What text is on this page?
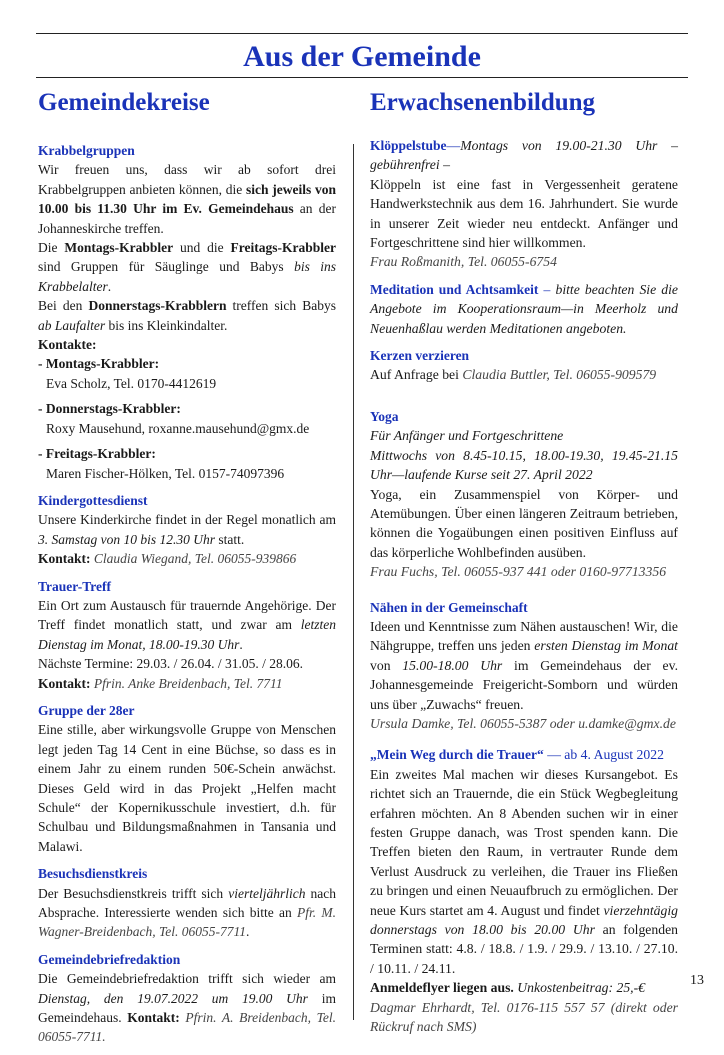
Aus der Gemeinde
Gemeindekreise
Krabbelgruppen

Wir freuen uns, dass wir ab sofort drei Krabbelgruppen anbieten können, die sich jeweils von 10.00 bis 11.30 Uhr im Ev. Gemeindehaus an der Johanneskirche treffen.

Die Montags-Krabbler und die Freitags-Krabbler sind Gruppen für Säuglinge und Babys bis ins Krabbelalter.

Bei den Donnerstags-Krabblern treffen sich Babys ab Laufalter bis ins Kleinkindalter.

Kontakte:
- Montags-Krabbler:
Eva Scholz, Tel. 0170-4412619
- Donnerstags-Krabbler:
Roxy Mausehund, roxanne.mausehund@gmx.de
- Freitags-Krabbler:
Maren Fischer-Hölken, Tel. 0157-74097396
Kindergottesdienst

Unsere Kinderkirche findet in der Regel monatlich am 3. Samstag von 10 bis 12.30 Uhr statt.

Kontakt: Claudia Wiegand, Tel. 06055-939866

Trauer-Treff

Ein Ort zum Austausch für trauernde Angehörige. Der Treff findet monatlich statt, und zwar am letzten Dienstag im Monat, 18.00-19.30 Uhr.

Nächste Termine: 29.03. / 26.04. / 31.05. / 28.06.

Kontakt: Pfrin. Anke Breidenbach, Tel. 7711

Gruppe der 28er

Eine stille, aber wirkungsvolle Gruppe von Menschen legt jeden Tag 14 Cent in eine Büchse, so dass es in einem Jahr zu einem runden 50€-Schein anwächst. Dieses Geld wird in das Projekt „Helfen macht Schule“ der Kopernikusschule investiert, d.h. für Schulbau und Bildungsmaßnahmen in Tansania und Malawi.

Besuchsdienstkreis

Der Besuchsdienstkreis trifft sich vierteljährlich nach Absprache. Interessierte wenden sich bitte an Pfr. M. Wagner-Breidenbach, Tel. 06055-7711.

Gemeindebriefredaktion

Die Gemeindebriefredaktion trifft sich wieder am Dienstag, den 19.07.2022 um 19.00 Uhr im Gemeindehaus. Kontakt: Pfrin. A. Breidenbach, Tel. 06055-7711.

Erwachsenenbildung

Klöppelstube—Montags von 19.00-21.30 Uhr – gebührenfrei –

Klöppeln ist eine fast in Vergessenheit geratene Handwerkstechnik aus dem 16. Jahrhundert. Sie wurde in unserer Zeit wieder neu entdeckt. Anfänger und Fortgeschrittene sind hier willkommen.

Frau Roßmanith, Tel. 06055-6754

Meditation und Achtsamkeit – bitte beachten Sie die Angebote im Kooperationsraum—in Meerholz und Neuenhaßlau werden Meditationen angeboten.

Kerzen verzieren

Auf Anfrage bei Claudia Buttler, Tel. 06055-909579

Yoga
Für Anfänger und Fortgeschrittene

Mittwochs von 8.45-10.15, 18.00-19.30, 19.45-21.15 Uhr—laufende Kurse seit 27. April 2022

Yoga, ein Zusammenspiel von Körper- und Atemübungen. Über einen längeren Zeitraum betrieben, können die Yogaübungen einen positiven Einfluss auf das körperliche Wohlbefinden ausüben.

Frau Fuchs, Tel. 06055-937 441 oder 0160-97713356
Nähen in der Gemeinschaft

Ideen und Kenntnisse zum Nähen austauschen! Wir, die Nähgruppe, treffen uns jeden ersten Dienstag im Monat von 15.00-18.00 Uhr im Gemeindehaus der ev. Johannesgemeinde Freigericht-Somborn und würden uns über „Zuwachs“ freuen.

Ursula Damke, Tel. 06055-5387 oder u.damke@gmx.de

„Mein Weg durch die Trauer“ — ab 4. August 2022

Ein zweites Mal machen wir dieses Kursangebot. Es richtet sich an Trauernde, die ein Stück Wegbegleitung erfahren möchten. An 8 Abenden suchen wir in einer festen Gruppe danach, was Trost spenden kann. Die Treffen bieten den Raum, in vertrauter Runde dem Verlust Ausdruck zu verleihen, die Trauer ins Fließen zu bringen und einen Neuaufbruch zu ermöglichen. Der neue Kurs startet am 4. August und findet vierzehntägig donnerstags von 18.00 bis 20.00 Uhr an folgenden Terminen statt: 4.8. / 18.8. / 1.9. / 29.9. / 13.10. / 27.10. / 10.11. / 24.11.

Anmeldeflyer liegen aus. Unkostenbeitrag: 25,-€

Dagmar Ehrhardt, Tel. 0176-115 557 57 (direkt oder Rückruf nach SMS)

13
